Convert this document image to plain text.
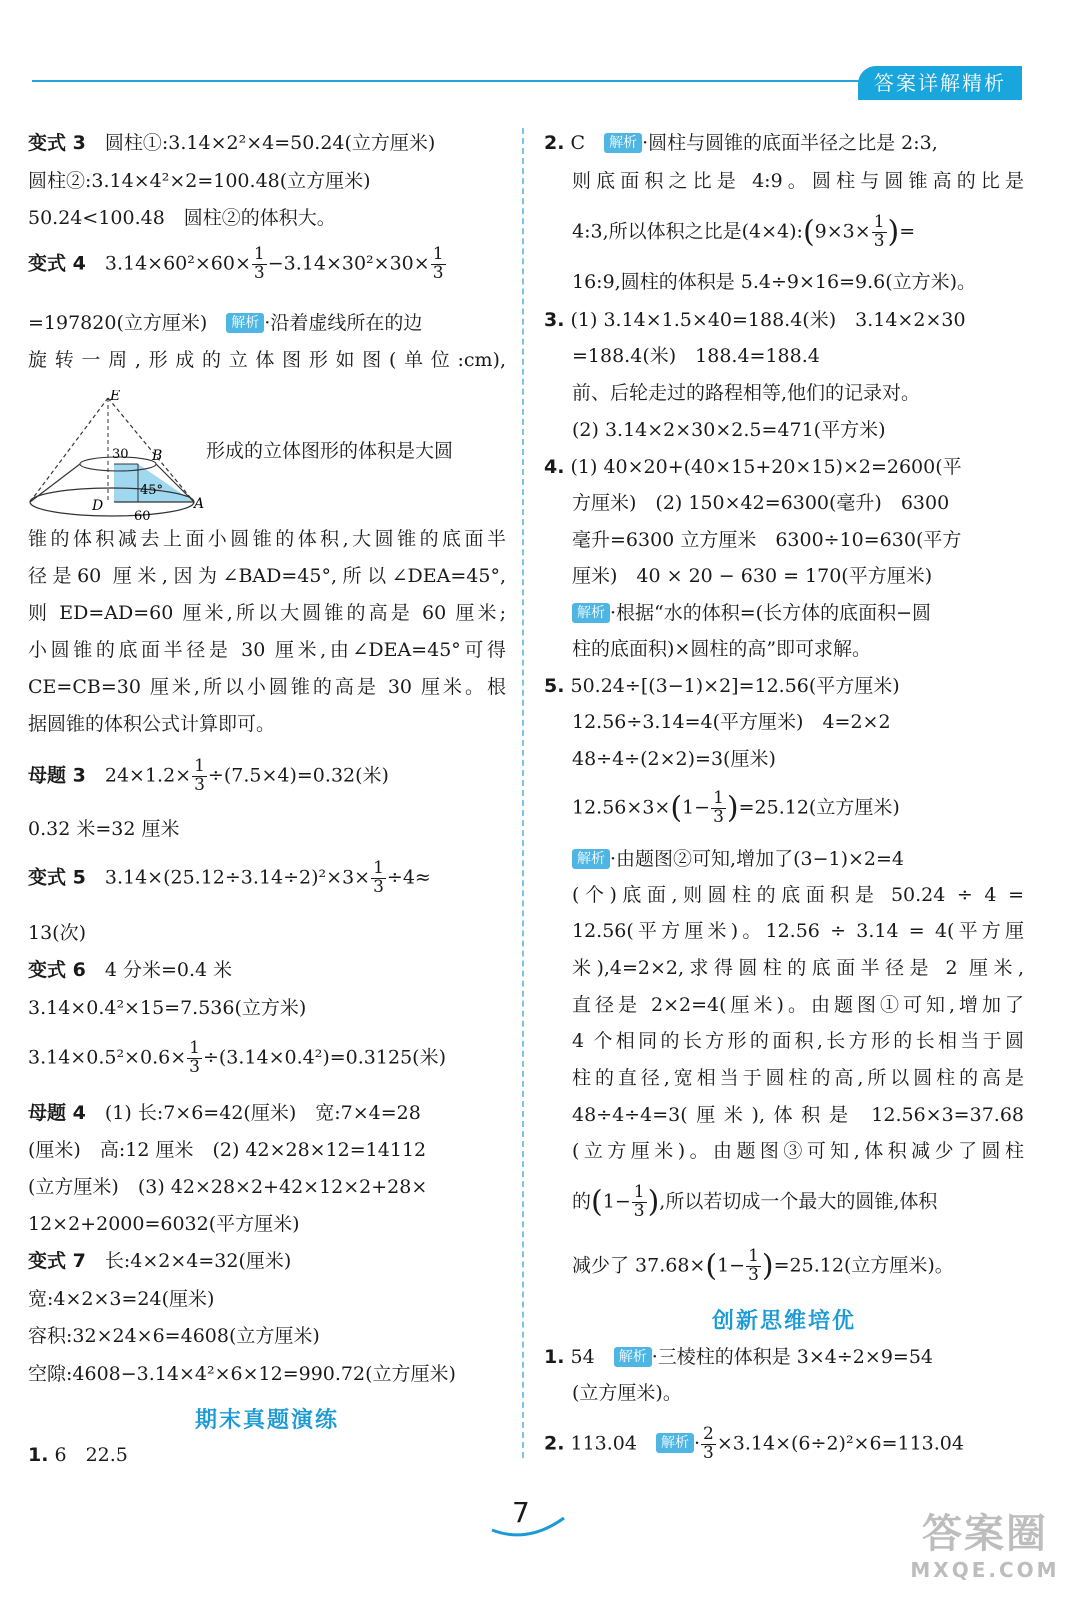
答案详解精析
变式 3　 圆柱①:3.14×2²×4=50.24(立方厘米)
圆柱②:3.14×4²×2=100.48(立方厘米)
50.24<100.48　圆柱②的体积大。
变式 4　 $3.14\times 60^2\times 60\times \frac{1}{3} -3.14\times 30^2\times 30\times \frac{1}{3}$
=197820(立方厘米)　 解析 ·沿着虚线所在的边
旋转一周,形成的立体图形如图(单位:cm),
E
B
D	A
30
45°
60
形成的立体图形的体积是大圆
锥的体积减去上面小圆锥的体积,大圆锥的底面半
径是60 厘米,因为∠BAD=45°,所以∠DEA=45°,
则 ED=AD=60 厘米,所以大圆锥的高是 60 厘米;
小圆锥的底面半径是 30 厘米,由∠DEA=45°可得
CE=CB=30 厘米,所以小圆锥的高是 30 厘米。根
据圆锥的体积公式计算即可。
母题 3　 $24\times 1.2\times \frac{1}{3} \div(7.5\times 4)=0.32$(米)
0.32 米=32 厘米
变式 5　 $3.14\times(25.12\div 3.14\div 2)^2\times 3\times \frac{1}{3} \div 4\approx$
13(次)
变式 6　 4 分米=0.4 米
3.14×0.4²×15=7.536(立方米)
$3.14\times 0.5^2\times 0.6\times \frac{1}{3} \div(3.14\times 0.4^2)=0.3125$(米)
母题 4　 (1) 长:7×6=42(厘米)　宽:7×4=28
(厘米)　高:12 厘米　(2) 42×28×12=14112
(立方厘米)　(3) 42×28×2+42×12×2+28×
12×2+2000=6032(平方厘米)
变式 7　 长:4×2×4=32(厘米)
宽:4×2×3=24(厘米)
容积:32×24×6=4608(立方厘米)
空隙:4608−3.14×4²×6×12=990.72(立方厘米)
期末真题演练
1. 6　22.5
2. C　 解析 ·圆柱与圆锥的底面半径之比是 2:3,
则底面积之比是 4:9。圆柱与圆锥高的比是
4:3,所以体积之比是(4×4):(9×3× $\frac{1}{3}$ )=
16:9,圆柱的体积是 5.4÷9×16=9.6(立方米)。
3. (1) 3.14×1.5×40=188.4(米)　3.14×2×30
=188.4(米)　188.4=188.4
前、后轮走过的路程相等,他们的记录对。
(2) 3.14×2×30×2.5=471(平方米)
4. (1) 40×20+(40×15+20×15)×2=2600(平
方厘米)　(2) 150×42=6300(毫升)　6300
毫升=6300 立方厘米　6300÷10=630(平方
厘米)　40 × 20 − 630 = 170(平方厘米)
解析 ·根据“水的体积=(长方体的底面积−圆
柱的底面积)×圆柱的高”即可求解。
5. 50.24÷[(3−1)×2]=12.56(平方厘米)
12.56÷3.14=4(平方厘米)　4=2×2
48÷4÷(2×2)=3(厘米)
$12.56\times 3\times(1- \frac{1}{3} )=25.12$(立方厘米)
解析 ·由题图②可知,增加了(3−1)×2=4
(个)底面,则圆柱的底面积是 50.24 ÷ 4 =
12.56(平方厘米)。12.56 ÷ 3.14 = 4(平方厘
米),4=2×2,求得圆柱的底面半径是 2 厘米,
直径是 2×2=4(厘米)。由题图①可知,增加了
4 个相同的长方形的面积,长方形的长相当于圆
柱的直径,宽相当于圆柱的高,所以圆柱的高是
48÷4÷4=3(厘米),体积是 12.56×3=37.68
(立方厘米)。由题图③可知,体积减少了圆柱
的($1- \frac{1}{3}$ ),所以若切成一个最大的圆锥,体积
减少了 $37.68\times(1- \frac{1}{3} )=25.12$(立方厘米)。
创新思维培优
1. 54　 解析 ·三棱柱的体积是 3×4÷2×9=54
(立方厘米)。
2. 113.04　 解析 · $\frac{2}{3} \times 3.14\times(6\div 2)^2\times 6=113.04$
7	答案圈
MXQE.COM
